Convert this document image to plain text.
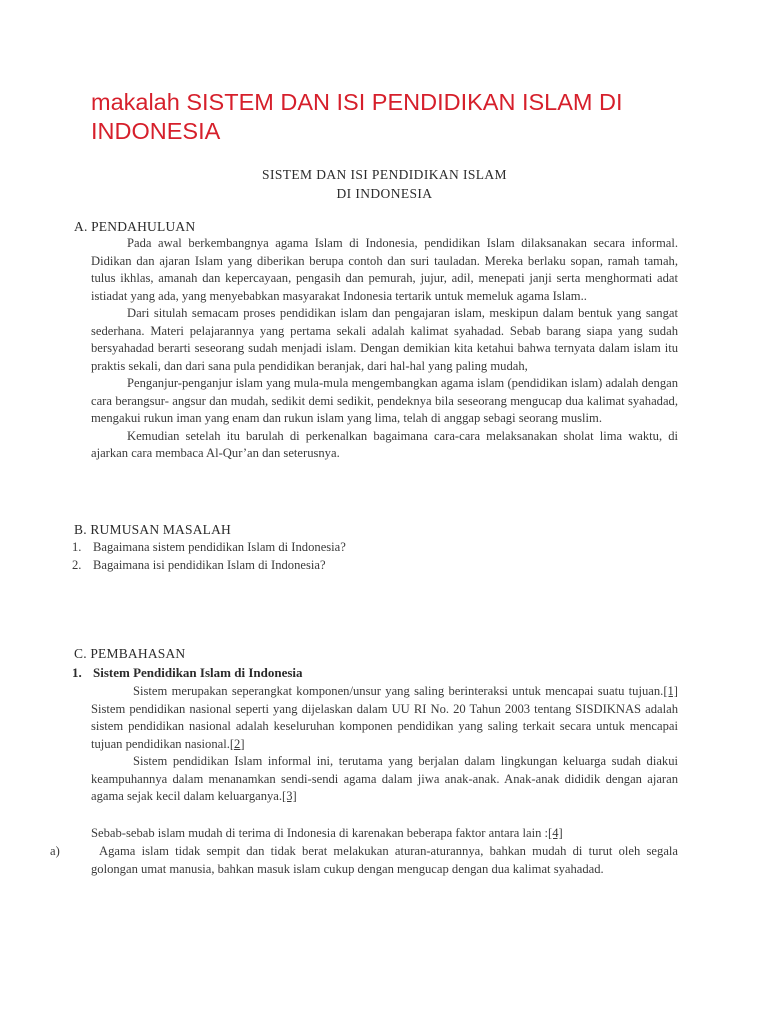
makalah SISTEM DAN ISI PENDIDIKAN ISLAM DI INDONESIA
SISTEM DAN ISI PENDIDIKAN ISLAM
DI INDONESIA
A. PENDAHULUAN

Pada awal berkembangnya agama Islam di Indonesia, pendidikan Islam dilaksanakan secara informal. Didikan dan ajaran Islam yang diberikan berupa contoh dan suri tauladan. Mereka berlaku sopan, ramah tamah, tulus ikhlas, amanah dan kepercayaan, pengasih dan pemurah, jujur, adil, menepati janji serta menghormati adat istiadat yang ada, yang menyebabkan masyarakat Indonesia tertarik untuk memeluk agama Islam..

Dari situlah semacam proses pendidikan islam dan pengajaran islam, meskipun dalam bentuk yang sangat sederhana. Materi pelajarannya yang pertama sekali adalah kalimat syahadad. Sebab barang siapa yang sudah bersyahadad berarti seseorang sudah menjadi islam. Dengan demikian kita ketahui bahwa ternyata dalam islam itu praktis sekali, dan dari sana pula pendidikan beranjak, dari hal-hal yang paling mudah,

Penganjur-penganjur islam yang mula-mula mengembangkan agama islam (pendidikan islam) adalah dengan cara berangsur- angsur dan mudah, sedikit demi sedikit, pendeknya bila seseorang mengucap dua kalimat syahadad, mengakui rukun iman yang enam dan rukun islam yang lima, telah di anggap sebagi seorang muslim.

Kemudian setelah itu barulah di perkenalkan bagaimana cara-cara melaksanakan sholat lima waktu, di ajarkan cara membaca Al-Qur’an dan seterusnya.

B. RUMUSAN MASALAH
1. Bagaimana sistem pendidikan Islam di Indonesia?
2. Bagaimana isi pendidikan Islam di Indonesia?
C. PEMBAHASAN
1. Sistem Pendidikan Islam di Indonesia

Sistem merupakan seperangkat komponen/unsur yang saling berinteraksi untuk mencapai suatu tujuan.[1] Sistem pendidikan nasional seperti yang dijelaskan dalam UU RI No. 20 Tahun 2003 tentang SISDIKNAS adalah sistem pendidikan nasional adalah keseluruhan komponen pendidikan yang saling terkait secara untuk mencapai tujuan pendidikan nasional.[2]

Sistem pendidikan Islam informal ini, terutama yang berjalan dalam lingkungan keluarga sudah diakui keampuhannya dalam menanamkan sendi-sendi agama dalam jiwa anak-anak. Anak-anak dididik dengan ajaran agama sejak kecil dalam keluarganya.[3]

Sebab-sebab islam mudah di terima di Indonesia di karenakan beberapa faktor antara lain :[4]
a)	Agama islam tidak sempit dan tidak berat melakukan aturan-aturannya, bahkan mudah di turut oleh segala golongan umat manusia, bahkan masuk islam cukup dengan mengucap dengan dua kalimat syahadad.
